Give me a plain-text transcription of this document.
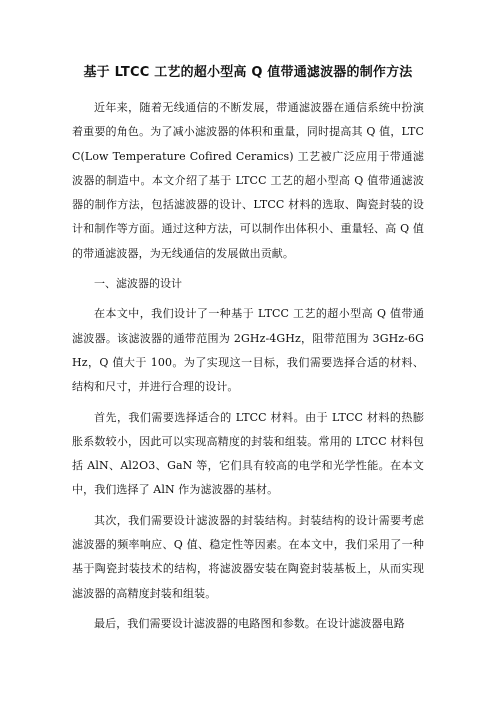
基于 LTCC 工艺的超小型高 Q 值带通滤波器的制作方法

近年来，随着无线通信的不断发展，带通滤波器在通信系统中扮演着重要的角色。为了减小滤波器的体积和重量，同时提高其 Q 值，LTCC(Low Temperature Cofired Ceramics) 工艺被广泛应用于带通滤波器的制造中。本文介绍了基于 LTCC 工艺的超小型高 Q 值带通滤波器的制作方法，包括滤波器的设计、LTCC 材料的选取、陶瓷封装的设计和制作等方面。通过这种方法，可以制作出体积小、重量轻、高 Q 值的带通滤波器，为无线通信的发展做出贡献。

一、滤波器的设计

在本文中，我们设计了一种基于 LTCC 工艺的超小型高 Q 值带通滤波器。该滤波器的通带范围为 2GHz-4GHz，阻带范围为 3GHz-6GHz，Q 值大于 100。为了实现这一目标，我们需要选择合适的材料、结构和尺寸，并进行合理的设计。

首先，我们需要选择适合的 LTCC 材料。由于 LTCC 材料的热膨胀系数较小，因此可以实现高精度的封装和组装。常用的 LTCC 材料包括 AlN、Al2O3、GaN 等，它们具有较高的电学和光学性能。在本文中，我们选择了 AlN 作为滤波器的基材。

其次，我们需要设计滤波器的封装结构。封装结构的设计需要考虑滤波器的频率响应、Q 值、稳定性等因素。在本文中，我们采用了一种基于陶瓷封装技术的结构，将滤波器安装在陶瓷封装基板上，从而实现滤波器的高精度封装和组装。

最后，我们需要设计滤波器的电路图和参数。在设计滤波器电路
